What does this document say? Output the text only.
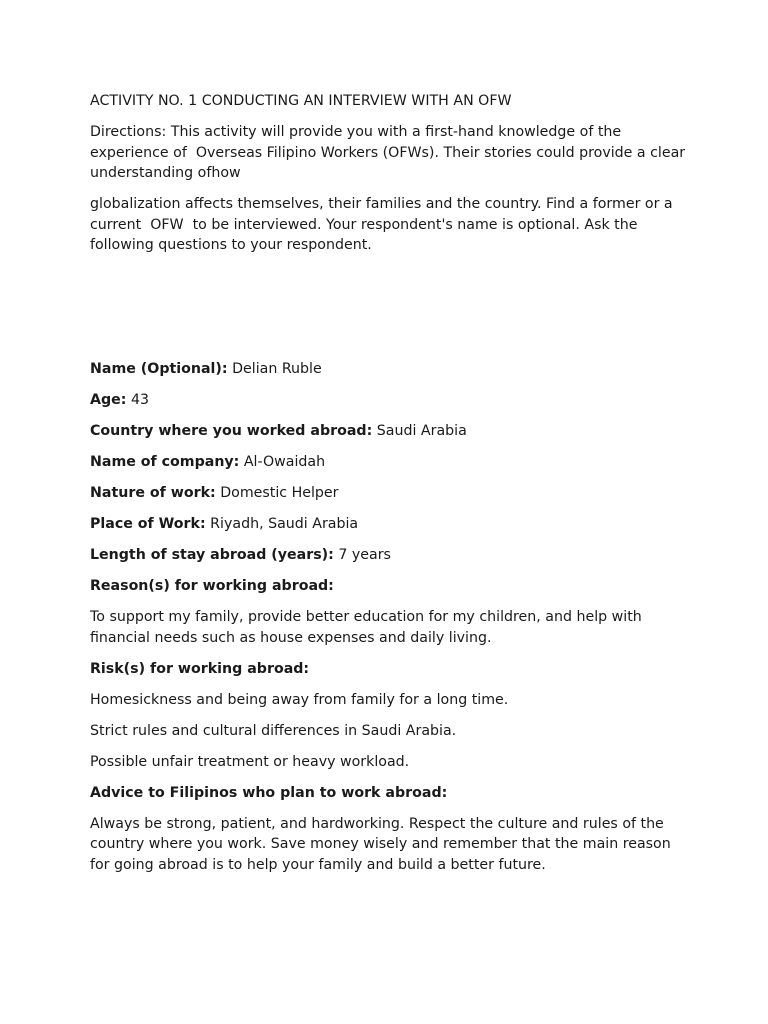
ACTIVITY NO. 1 CONDUCTING AN INTERVIEW WITH AN OFW

Directions: This activity will provide you with a first-hand knowledge of the experience of  Overseas Filipino Workers (OFWs). Their stories could provide a clear understanding ofhow

globalization affects themselves, their families and the country. Find a former or a current  OFW  to be interviewed. Your respondent's name is optional. Ask the following questions to your respondent.

Name (Optional): Delian Ruble

Age: 43

Country where you worked abroad: Saudi Arabia

Name of company: Al-Owaidah

Nature of work: Domestic Helper

Place of Work: Riyadh, Saudi Arabia

Length of stay abroad (years): 7 years

Reason(s) for working abroad:

To support my family, provide better education for my children, and help with financial needs such as house expenses and daily living.

Risk(s) for working abroad:

Homesickness and being away from family for a long time.

Strict rules and cultural differences in Saudi Arabia.

Possible unfair treatment or heavy workload.

Advice to Filipinos who plan to work abroad:

Always be strong, patient, and hardworking. Respect the culture and rules of the country where you work. Save money wisely and remember that the main reason for going abroad is to help your family and build a better future.
